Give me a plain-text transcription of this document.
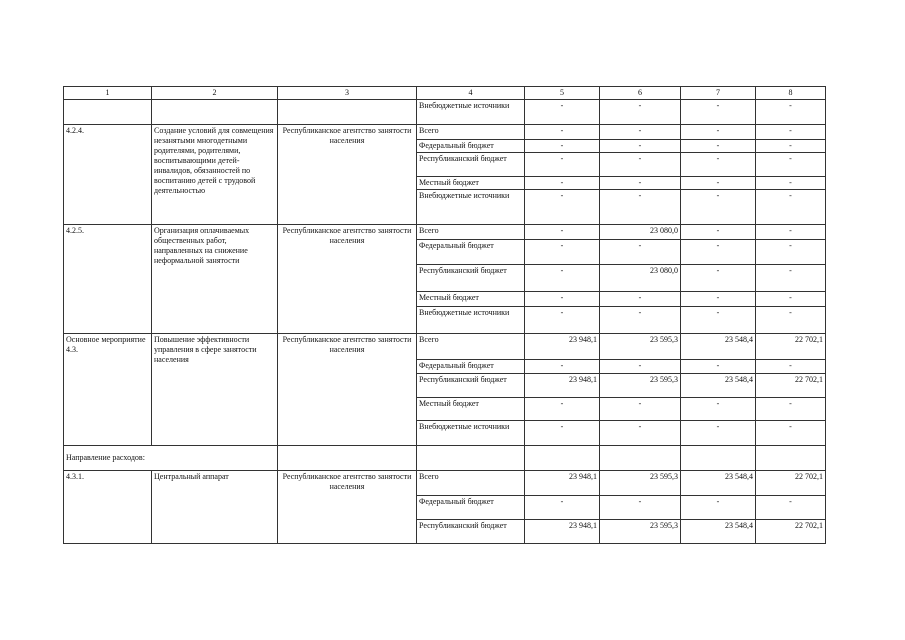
1	2	3	4	5	6	7	8
			Внебюджетные источники	-	-	-	-
4.2.4.	Создание условий для совмещения незанятыми многодетными родителями, родителями, воспитывающими детей-инвалидов, обязанностей по воспитанию детей с трудовой деятельностью	Республиканское агентство занятости населения	Всего	-	-	-	-
			Федеральный бюджет	-	-	-	-
			Республиканский бюджет	-	-	-	-
			Местный бюджет	-	-	-	-
			Внебюджетные источники	-	-	-	-
4.2.5.	Организация оплачиваемых общественных работ, направленных на снижение неформальной занятости	Республиканское агентство занятости населения	Всего	-	23 080,0	-	-
			Федеральный бюджет	-	-	-	-
			Республиканский бюджет	-	23 080,0	-	-
			Местный бюджет	-	-	-	-
			Внебюджетные источники	-	-	-	-
Основное мероприятие 4.3.	Повышение эффективности управления в сфере занятости населения	Республиканское агентство занятости населения	Всего	23 948,1	23 595,3	23 548,4	22 702,1
			Федеральный бюджет	-	-	-	-
			Республиканский бюджет	23 948,1	23 595,3	23 548,4	22 702,1
			Местный бюджет	-	-	-	-
			Внебюджетные источники	-	-	-	-
Направление расходов:							
4.3.1.	Центральный аппарат	Республиканское агентство занятости населения	Всего	23 948,1	23 595,3	23 548,4	22 702,1
			Федеральный бюджет	-	-	-	-
			Республиканский бюджет	23 948,1	23 595,3	23 548,4	22 702,1
